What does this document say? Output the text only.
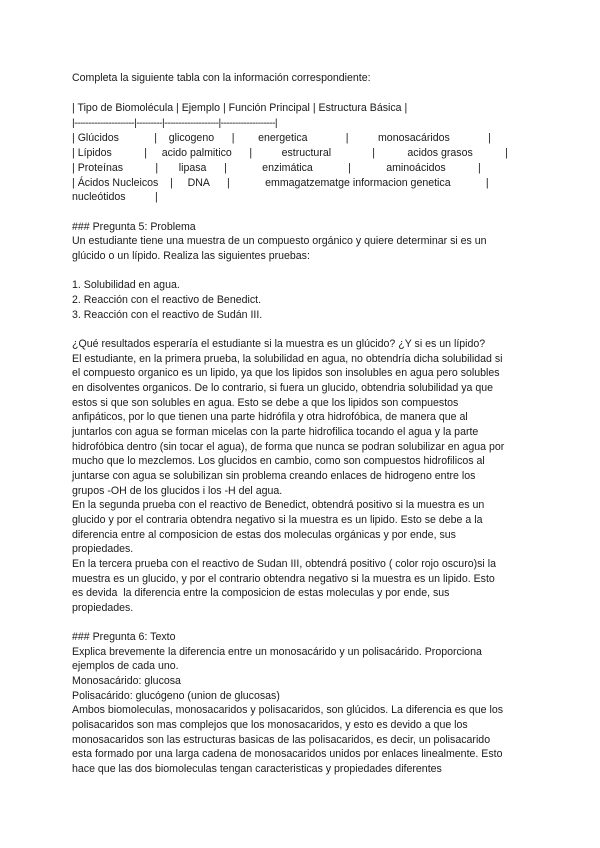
Completa la siguiente tabla con la información correspondiente:
| Tipo de Biomolécula | Ejemplo | Función Principal | Estructura Básica |
|---------------------|---------|-------------------|-------------------|
| Glúcidos            |    glicogeno      |        energetica             |          monosacáridos             |
| Lípidos           |     acido palmitico      |          estructural              |           acidos grasos           |
| Proteínas           |       lipasa      |            enzimática            |            aminoácidos           |
| Ácidos Nucleicos    |     DNA      |            emmagatzematge informacion genetica            |
nucleótidos          |
### Pregunta 5: Problema
Un estudiante tiene una muestra de un compuesto orgánico y quiere determinar si es un
glúcido o un lípido. Realiza las siguientes pruebas:
1. Solubilidad en agua.
2. Reacción con el reactivo de Benedict.
3. Reacción con el reactivo de Sudán III.
¿Qué resultados esperaría el estudiante si la muestra es un glúcido? ¿Y si es un lípido?
El estudiante, en la primera prueba, la solubilidad en agua, no obtendría dicha solubilidad si
el compuesto organico es un lipido, ya que los lipidos son insolubles en agua pero solubles
en disolventes organicos. De lo contrario, si fuera un glucido, obtendria solubilidad ya que
estos si que son solubles en agua. Esto se debe a que los lipidos son compuestos
anfipáticos, por lo que tienen una parte hidrófila y otra hidrofóbica, de manera que al
juntarlos con agua se forman micelas con la parte hidrofilica tocando el agua y la parte
hidrofóbica dentro (sin tocar el agua), de forma que nunca se podran solubilizar en agua por
mucho que lo mezclemos. Los glucidos en cambio, como son compuestos hidrofilicos al
juntarse con agua se solubilizan sin problema creando enlaces de hidrogeno entre los
grupos -OH de los glucidos i los -H del agua.
En la segunda prueba con el reactivo de Benedict, obtendrá positivo si la muestra es un
glucido y por el contraria obtendra negativo si la muestra es un lipido. Esto se debe a la
diferencia entre al composicion de estas dos moleculas orgánicas y por ende, sus
propiedades.
En la tercera prueba con el reactivo de Sudan III, obtendrá positivo ( color rojo oscuro)si la
muestra es un glucido, y por el contrario obtendra negativo si la muestra es un lipido. Esto
es devida  la diferencia entre la composicion de estas moleculas y por ende, sus
propiedades.
### Pregunta 6: Texto
Explica brevemente la diferencia entre un monosacárido y un polisacárido. Proporciona
ejemplos de cada uno.
Monosacárido: glucosa
Polisacárido: glucógeno (union de glucosas)
Ambos biomoleculas, monosacaridos y polisacaridos, son glúcidos. La diferencia es que los
polisacaridos son mas complejos que los monosacaridos, y esto es devido a que los
monosacaridos son las estructuras basicas de las polisacaridos, es decir, un polisacarido
esta formado por una larga cadena de monosacaridos unidos por enlaces linealmente. Esto
hace que las dos biomoleculas tengan caracteristicas y propiedades diferentes
